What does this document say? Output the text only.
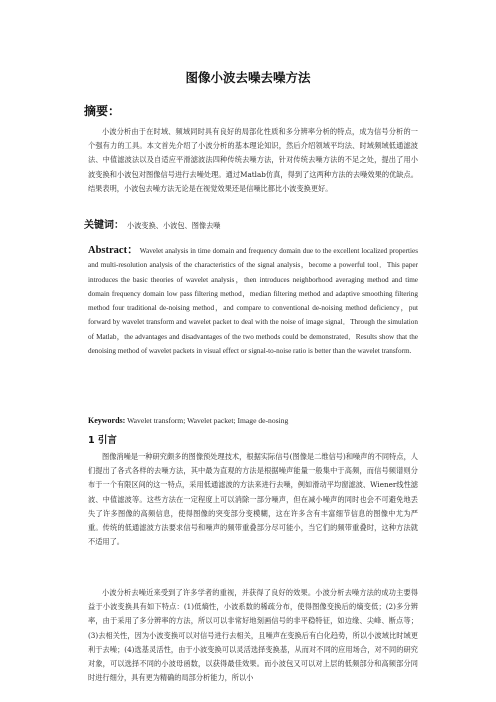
图像小波去噪去噪方法
摘要：

小波分析由于在时域、频域同时具有良好的局部化性质和多分辨率分析的特点，成为信号分析的一个强有力的工具。本文首先介绍了小波分析的基本理论知识，然后介绍领域平均法、时域频域低通滤波法、中值滤波法以及自适应平滑滤波法四种传统去噪方法，针对传统去噪方法的不足之处，提出了用小波变换和小波包对图像信号进行去噪处理。通过Matlab仿真，得到了这两种方法的去噪效果的优缺点。结果表明，小波包去噪方法无论是在视觉效果还是信噪比都比小波变换更好。

关键词： 小波变换、小波包、图像去噪

Abstract： Wavelet analysis in time domain and frequency domain due to the excellent localized properties and multi-resolution analysis of the characteristics of the signal analysis，become a powerful tool．This paper introduces the basic theories of wavelet analysis，then introduces neighborhood averaging method and time domain frequency domain low pass filtering method，median filtering method and adaptive smoothing filtering method four traditional de-noising method，and compare to conventional de-noising method deficiency，put forward by wavelet transform and wavelet packet to deal with the noise of image signal．Through the simulation of Matlab，the advantages and disadvantages of the two methods could be demonstrated．Results show that the denoising method of wavelet packets in visual effect or signal-to-noise ratio is better than the wavelet transform.

Keywords: Wavelet transform; Wavelet packet; Image de-nosing
1 引言

图像消噪是一种研究颇多的图像预处理技术，根据实际信号(图像是二维信号)和噪声的不同特点，人们提出了各式各样的去噪方法，其中最为直观的方法是根据噪声能量一般集中于高频，而信号频谱则分布于一个有限区间的这一特点，采用低通滤波的方法来进行去噪，例如滑动平均窗滤波、Wiener线性滤波、中值滤波等。这些方法在一定程度上可以消除一部分噪声，但在减小噪声的同时也会不可避免地丢失了许多图像的高频信息，使得图像的突变部分变模糊，这在许多含有丰富细节信息的图像中尤为严重。传统的低通滤波方法要求信号和噪声的频带重叠部分尽可能小，当它们的频带重叠时，这种方法就不适用了。

小波分析去噪近来受到了许多学者的重视，并获得了良好的效果。小波分析去噪方法的成功主要得益于小波变换具有如下特点：(1)低熵性，小波系数的稀疏分布，使得图像变换后的熵变低；(2)多分辨率，由于采用了多分辨率的方法，所以可以非常好地刻画信号的非平稳特征，如边缘、尖峰、断点等；(3)去相关性，因为小波变换可以对信号进行去相关，且噪声在变换后有白化趋势，所以小波域比时域更利于去噪；(4)选基灵活性，由于小波变换可以灵活选择变换基，从而对不同的应用场合，对不同的研究对象，可以选择不同的小波母函数，以获得最佳效果。而小波包又可以对上层的低频部分和高频部分同时进行细分，具有更为精确的局部分析能力，所以小
